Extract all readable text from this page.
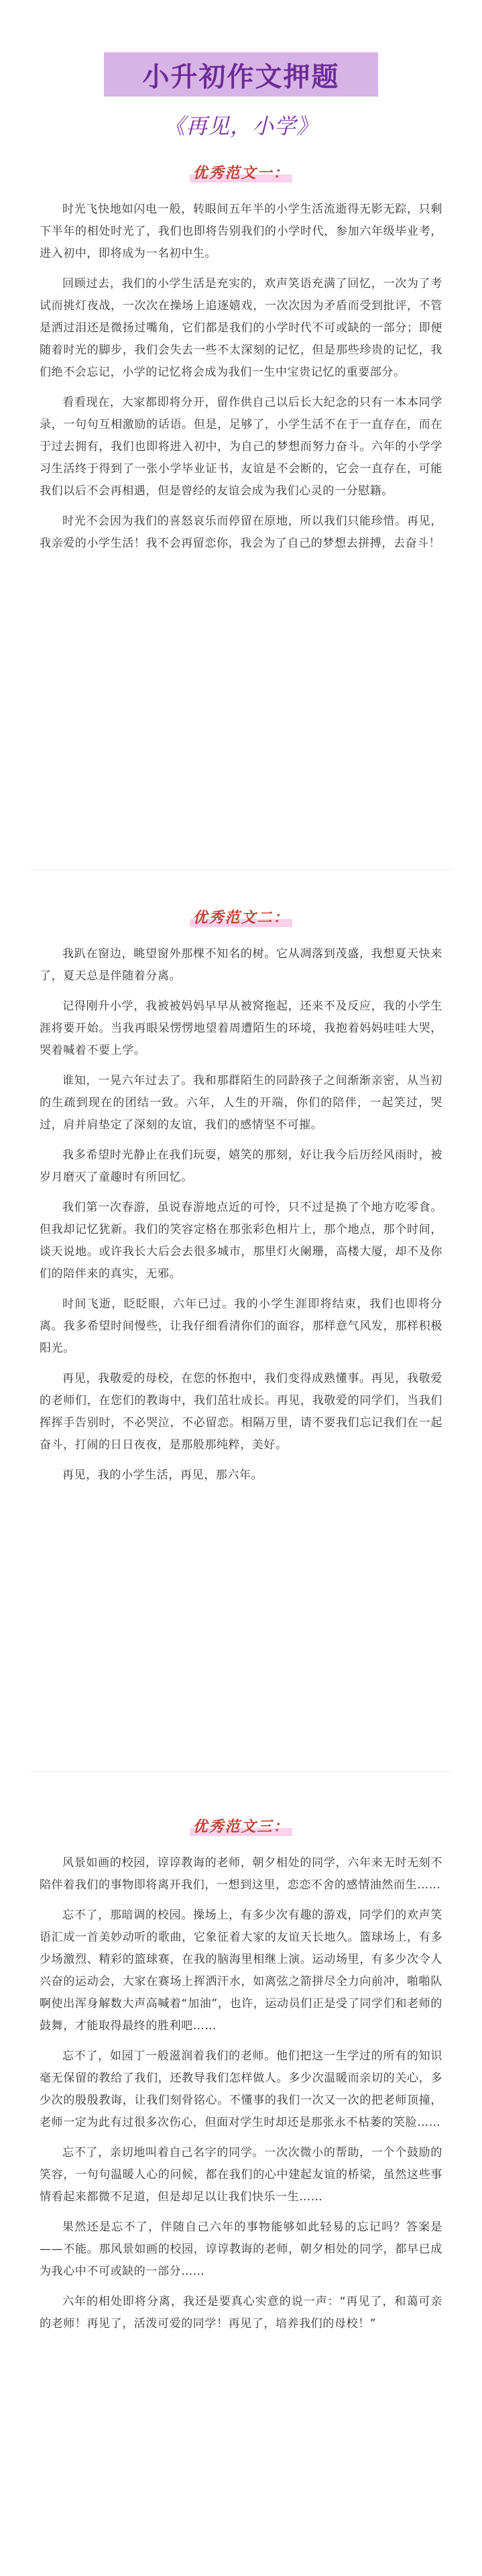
小升初作文押题
《再见，小学》
优秀范文一：

时光飞快地如闪电一般，转眼间五年半的小学生活流逝得无影无踪，只剩下半年的相处时光了，我们也即将告别我们的小学时代，参加六年级毕业考，进入初中，即将成为一名初中生。

回顾过去，我们的小学生活是充实的，欢声笑语充满了回忆，一次为了考试而挑灯夜战，一次次在操场上追逐嬉戏，一次次因为矛盾而受到批评，不管是洒过泪还是微扬过嘴角，它们都是我们的小学时代不可或缺的一部分；即便随着时光的脚步，我们会失去一些不太深刻的记忆，但是那些珍贵的记忆，我们绝不会忘记，小学的记忆将会成为我们一生中宝贵记忆的重要部分。

看看现在，大家都即将分开，留作供自己以后长大纪念的只有一本本同学录，一句句互相激励的话语。但是，足够了，小学生活不在于一直存在，而在于过去拥有，我们也即将进入初中，为自己的梦想而努力奋斗。六年的小学学习生活终于得到了一张小学毕业证书，友谊是不会断的，它会一直存在，可能我们以后不会再相遇，但是曾经的友谊会成为我们心灵的一分慰籍。

时光不会因为我们的喜怒哀乐而停留在原地，所以我们只能珍惜。再见，我亲爱的小学生活！我不会再留恋你，我会为了自己的梦想去拼搏，去奋斗！

优秀范文二：

我趴在窗边，眺望窗外那棵不知名的树。它从凋落到茂盛，我想夏天快来了，夏天总是伴随着分离。

记得刚升小学，我被被妈妈早早从被窝拖起，还来不及反应，我的小学生涯将要开始。当我再眼呆愣愣地望着周遭陌生的环境，我抱着妈妈哇哇大哭，哭着喊着不要上学。

谁知，一晃六年过去了。我和那群陌生的同龄孩子之间渐渐亲密，从当初的生疏到现在的团结一致。六年，人生的开端，你们的陪伴，一起笑过，哭过，肩并肩垫定了深刻的友谊，我们的感情坚不可摧。

我多希望时光静止在我们玩耍，嬉笑的那刻，好让我今后历经风雨时，被岁月磨灭了童趣时有所回忆。

我们第一次春游，虽说春游地点近的可怜，只不过是换了个地方吃零食。但我却记忆犹新。我们的笑容定格在那张彩色相片上，那个地点，那个时间，谈天说地。或许我长大后会去很多城市，那里灯火阑珊，高楼大厦，却不及你们的陪伴来的真实，无邪。

时间飞逝，眨眨眼，六年已过。我的小学生涯即将结束，我们也即将分离。我多希望时间慢些，让我仔细看清你们的面容，那样意气风发，那样积极阳光。

再见，我敬爱的母校，在您的怀抱中，我们变得成熟懂事。再见，我敬爱的老师们，在您们的教诲中，我们茁壮成长。再见，我敬爱的同学们，当我们挥挥手告别时，不必哭泣，不必留恋。相隔万里，请不要我们忘记我们在一起奋斗，打闹的日日夜夜，是那般那纯粹，美好。

再见，我的小学生活，再见，那六年。

优秀范文三：

风景如画的校园，谆谆教诲的老师，朝夕相处的同学，六年来无时无刻不陪伴着我们的事物即将离开我们，一想到这里，恋恋不舍的感情油然而生……

忘不了，那暗调的校园。操场上，有多少次有趣的游戏，同学们的欢声笑语汇成一首美妙动听的歌曲，它象征着大家的友谊天长地久。篮球场上，有多少场激烈、精彩的篮球赛，在我的脑海里相继上演。运动场里，有多少次令人兴奋的运动会，大家在赛场上挥洒汗水，如离弦之箭拼尽全力向前冲，啪啪队啊使出浑身解数大声高喊着“加油”，也许，运动员们正是受了同学们和老师的鼓舞，才能取得最终的胜利吧……

忘不了，如园丁一般滋润着我们的老师。他们把这一生学过的所有的知识毫无保留的教给了我们，还教导我们怎样做人。多少次温暖而亲切的关心，多少次的殷殷教诲，让我们刻骨铭心。不懂事的我们一次又一次的把老师顶撞，老师一定为此有过很多次伤心，但面对学生时却还是那张永不枯萎的笑脸……

忘不了，亲切地叫着自己名字的同学。一次次微小的帮助，一个个鼓励的笑容，一句句温暖人心的问候，都在我们的心中建起友谊的桥梁，虽然这些事情看起来都微不足道，但是却足以让我们快乐一生……

果然还是忘不了，伴随自己六年的事物能够如此轻易的忘记吗？答案是——不能。那风景如画的校园，谆谆教诲的老师，朝夕相处的同学，都早已成为我心中不可或缺的一部分……

六年的相处即将分离，我还是要真心实意的说一声：“再见了，和蔼可亲的老师！再见了，活泼可爱的同学！再见了，培养我们的母校！”
